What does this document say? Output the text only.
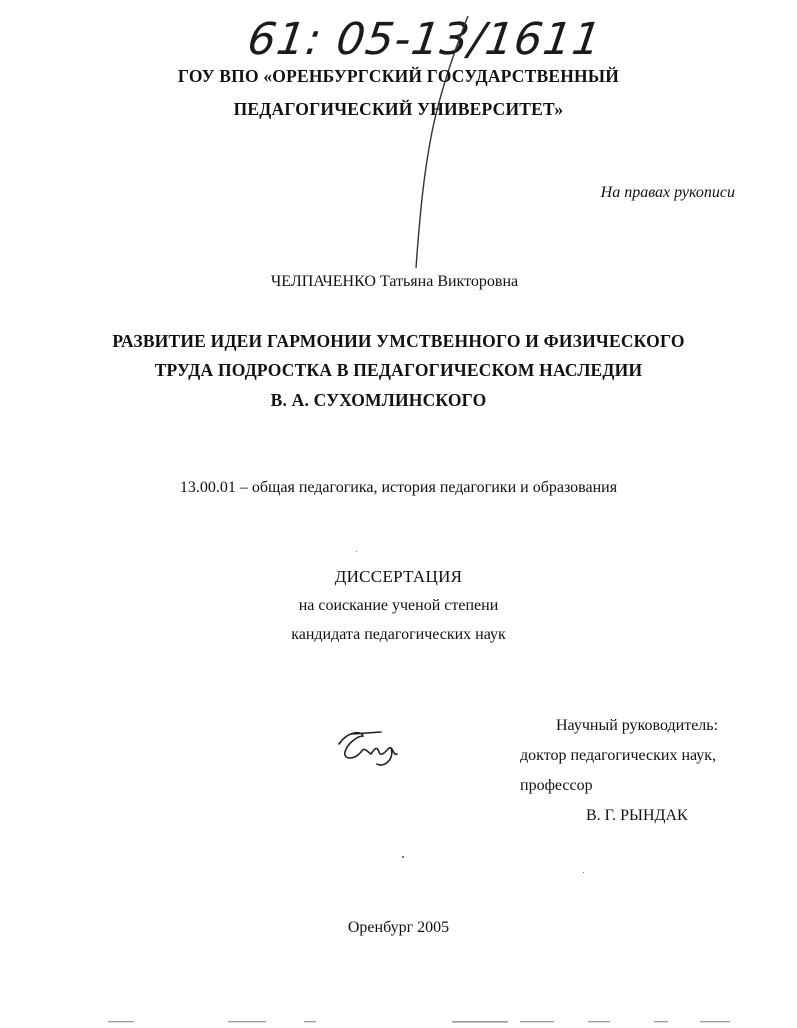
61: 05-13/1611
ГОУ ВПО «ОРЕНБУРГСКИЙ ГОСУДАРСТВЕННЫЙ
ПЕДАГОГИЧЕСКИЙ УНИВЕРСИТЕТ»
На правах рукописи
ЧЕЛПАЧЕНКО Татьяна Викторовна
РАЗВИТИЕ ИДЕИ ГАРМОНИИ УМСТВЕННОГО И ФИЗИЧЕСКОГО
ТРУДА ПОДРОСТКА В ПЕДАГОГИЧЕСКОМ НАСЛЕДИИ
В. А. СУХОМЛИНСКОГО
13.00.01 – общая педагогика, история педагогики и образования
ДИССЕРТАЦИЯ
на соискание ученой степени
кандидата педагогических наук
Научный руководитель:
доктор педагогических наук,
профессор
В. Г. РЫНДАК
Оренбург 2005
